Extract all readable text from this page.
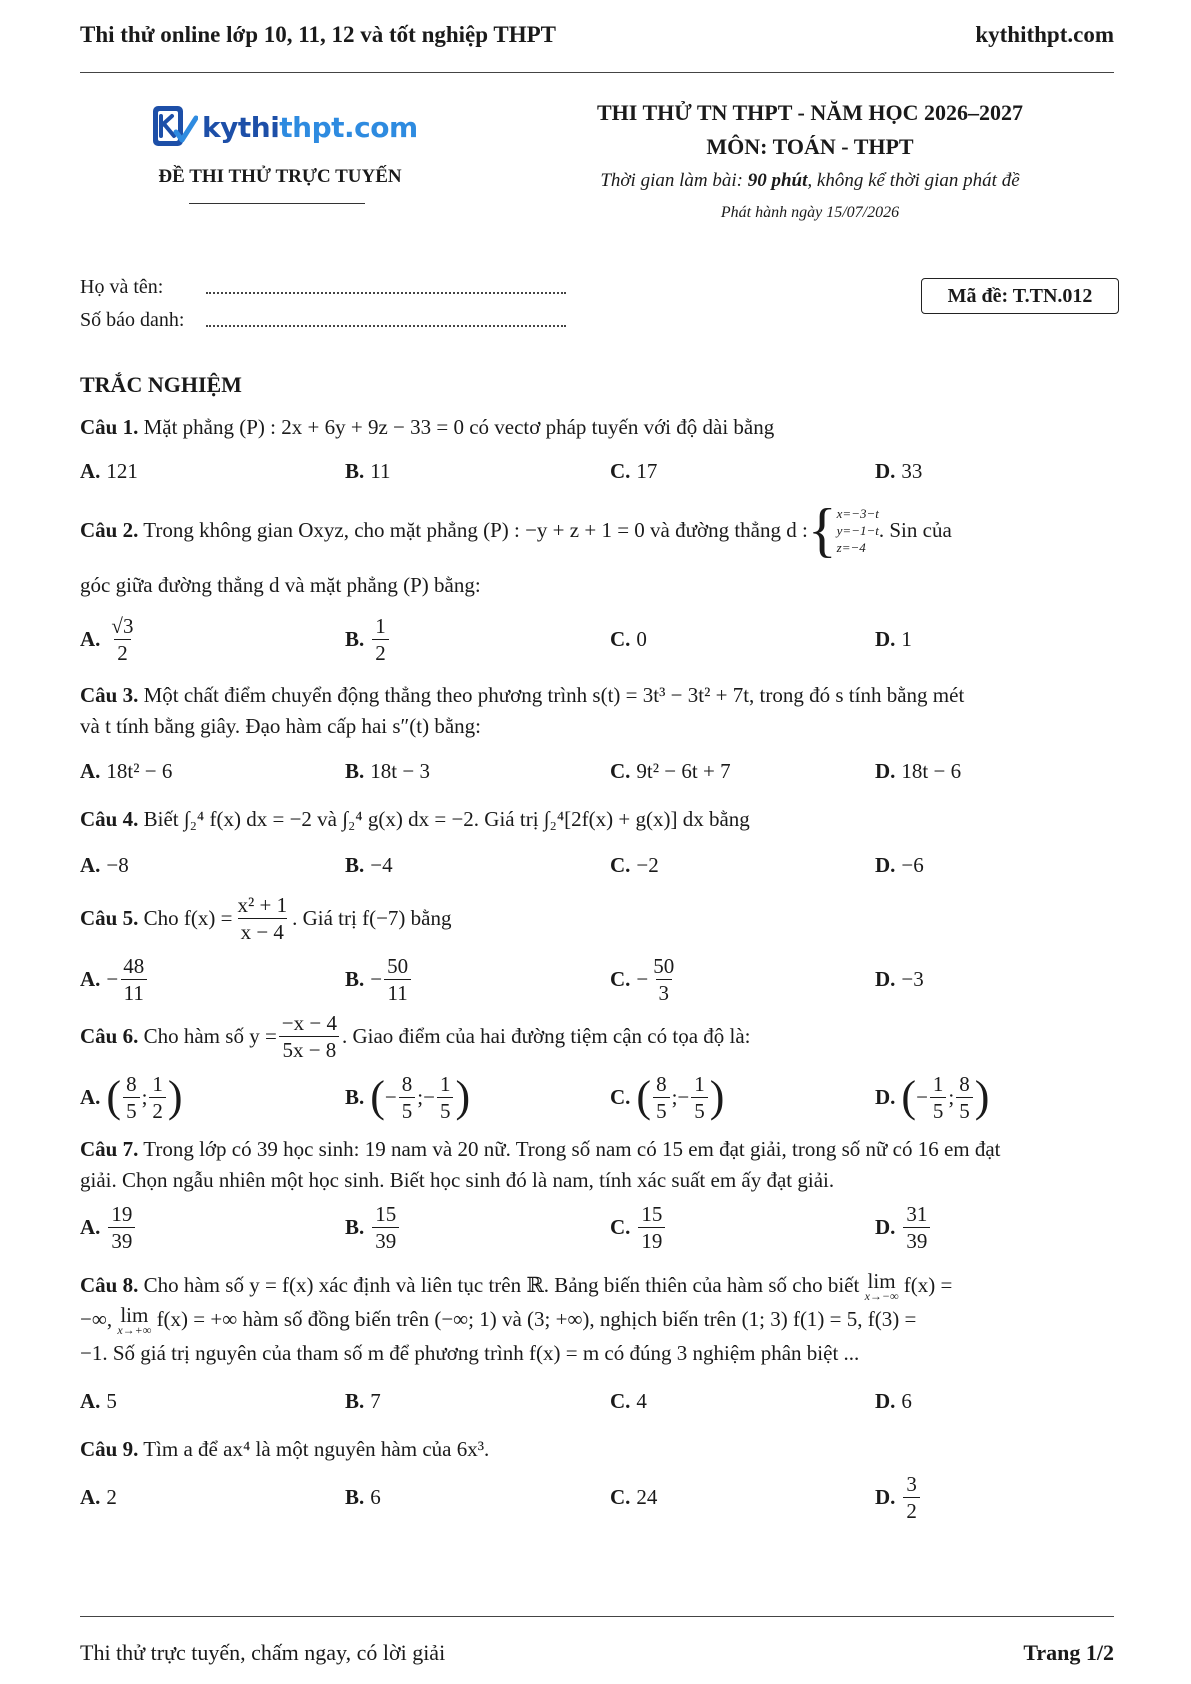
Thi thử online lớp 10, 11, 12 và tốt nghiệp THPT	kythithpt.com
kythithpt.com
ĐỀ THI THỬ TRỰC TUYẾN
THI THỬ TN THPT - NĂM HỌC 2026–2027
MÔN: TOÁN - THPT
Thời gian làm bài: 90 phút, không kể thời gian phát đề
Phát hành ngày 15/07/2026
Họ và tên:
Số báo danh:
Mã đề: T.TN.012
TRẮC NGHIỆM
Câu 1. Mặt phẳng (P) : 2x + 6y + 9z − 33 = 0 có vectơ pháp tuyến với độ dài bằng
A. 121	B. 11	C. 17	D. 33
Câu 2. Trong không gian Oxyz, cho mặt phẳng (P) : −y + z + 1 = 0 và đường thẳng d : { x=−3−t
y=−1−t
z=−4
. Sin của
góc giữa đường thẳng d và mặt phẳng (P) bằng:
A. $\frac{√3}{2}$	B. $\frac{1}{2}$	C. 0	D. 1
Câu 3. Một chất điểm chuyển động thẳng theo phương trình s(t) = 3t³ − 3t² + 7t, trong đó s tính bằng mét
và t tính bằng giây. Đạo hàm cấp hai s″(t) bằng:
A. 18t² − 6	B. 18t − 3	C. 9t² − 6t + 7	D. 18t − 6
Câu 4. Biết ∫₂⁴ f(x) dx = −2 và ∫₂⁴ g(x) dx = −2. Giá trị ∫₂⁴[2f(x) + g(x)] dx bằng
A. −8	B. −4	C. −2	D. −6
Câu 5.
Cho $f(x) = \frac{\text{x² + 1}}{x - 4}$ . Giá trị f(−7) bằng
A. − $\frac{48}{11}$	B. − $\frac{50}{11}$	C. − $\frac{50}{3}$	D. −3
Câu 6.
Cho hàm số $y = \frac{-x - 4}{5x - 8}$ . Giao điểm của hai đường tiệm cận có tọa độ là:
A. ( $\frac{8}{5}$ ; $\frac{1}{2}$ )	B. ( − $\frac{8}{5}$ ;− $\frac{1}{5}$ )	C. ( $\frac{8}{5}$ ;− $\frac{1}{5}$ )	D. ( − $\frac{1}{5}$ ; $\frac{8}{5}$ )
Câu 7. Trong lớp có 39 học sinh: 19 nam và 20 nữ. Trong số nam có 15 em đạt giải, trong số nữ có 16 em đạt
giải. Chọn ngẫu nhiên một học sinh. Biết học sinh đó là nam, tính xác suất em ấy đạt giải.
A. $\frac{19}{39}$	B. $\frac{15}{39}$	C. $\frac{15}{19}$	D. $\frac{31}{39}$
Câu 8. Cho hàm số y = f(x) xác định và liên tục trên ℝ. Bảng biến thiên của hàm số cho biết lim
x→−∞ f(x) =
−∞, lim
x→+∞ f(x) = +∞ hàm số đồng biến trên (−∞; 1) và (3; +∞), nghịch biến trên (1; 3) f(1) = 5, f(3) =
−1. Số giá trị nguyên của tham số m để phương trình f(x) = m có đúng 3 nghiệm phân biệt ...
A. 5	B. 7	C. 4	D. 6
Câu 9. Tìm a để ax⁴ là một nguyên hàm của 6x³.
A. 2	B. 6	C. 24	D. $\frac{3}{2}$
Thi thử trực tuyến, chấm ngay, có lời giải	Trang 1/2
